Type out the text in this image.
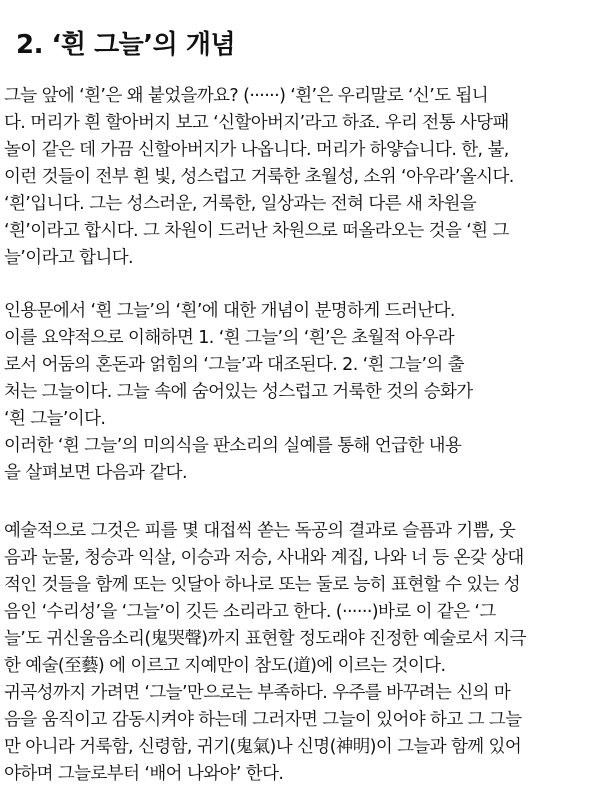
2. ‘흰 그늘’의 개념
그늘 앞에 ‘흰’은 왜 붙었을까요? (······) ‘흰’은 우리말로 ‘신’도 됩니
다. 머리가 흰 할아버지 보고 ‘신할아버지’라고 하죠. 우리 전통 사당패
놀이 같은 데 가끔 신할아버지가 나옵니다. 머리가 하얗습니다. 한, 불,
이런 것들이 전부 흰 빛, 성스럽고 거룩한 초월성, 소위 ‘아우라’올시다.
‘흰’입니다. 그는 성스러운, 거룩한, 일상과는 전혀 다른 새 차원을
‘흰’이라고 합시다. 그 차원이 드러난 차원으로 떠올라오는 것을 ‘흰 그
늘’이라고 합니다.
인용문에서 ‘흰 그늘’의 ‘흰’에 대한 개념이 분명하게 드러난다.
이를 요약적으로 이해하면 1. ‘흰 그늘’의 ‘흰’은 초월적 아우라
로서 어둠의 혼돈과 얽힘의 ‘그늘’과 대조된다. 2. ‘흰 그늘’의 출
처는 그늘이다. 그늘 속에 숨어있는 성스럽고 거룩한 것의 승화가
‘흰 그늘’이다.
이러한 ‘흰 그늘’의 미의식을 판소리의 실예를 통해 언급한 내용
을 살펴보면 다음과 같다.
예술적으로 그것은 피를 몇 대접씩 쏟는 독공의 결과로 슬픔과 기쁨, 웃
음과 눈물, 청승과 익살, 이승과 저승, 사내와 계집, 나와 너 등 온갖 상대
적인 것들을 함께 또는 잇달아 하나로 또는 둘로 능히 표현할 수 있는 성
음인 ‘수리성’을 ‘그늘’이 깃든 소리라고 한다. (······)바로 이 같은 ‘그
늘’도 귀신울음소리(鬼哭聲)까지 표현할 정도래야 진정한 예술로서 지극
한 예술(至藝) 에 이르고 지예만이 참도(道)에 이르는 것이다.
귀곡성까지 가려면 ‘그늘’만으로는 부족하다. 우주를 바꾸려는 신의 마
음을 움직이고 감동시켜야 하는데 그러자면 그늘이 있어야 하고 그 그늘
만 아니라 거룩함, 신령함, 귀기(鬼氣)나 신명(神明)이 그늘과 함께 있어
야하며 그늘로부터 ‘배어 나와야’ 한다.
